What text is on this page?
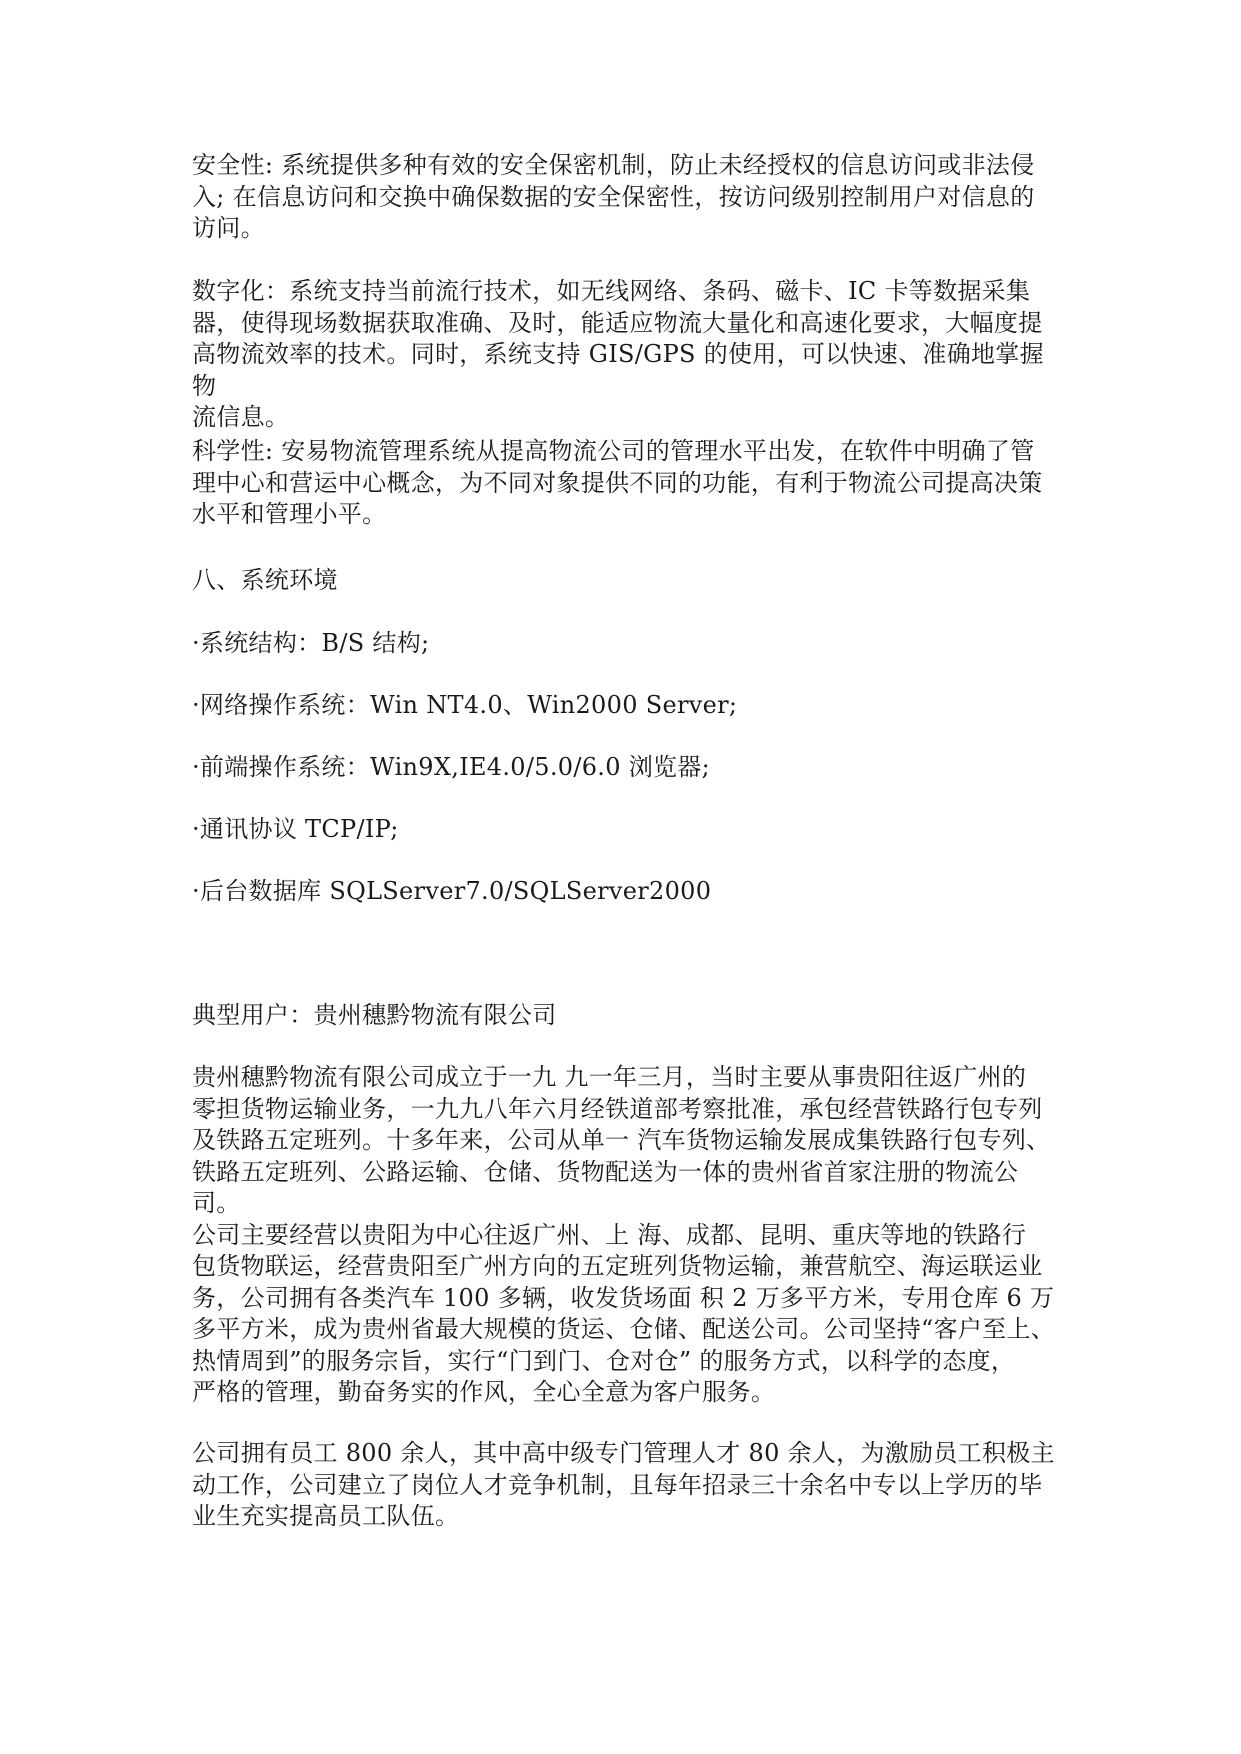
安全性: 系统提供多种有效的安全保密机制，防止未经授权的信息访问或非法侵
入; 在信息访问和交换中确保数据的安全保密性，按访问级别控制用户对信息的
访问。

数字化：系统支持当前流行技术，如无线网络、条码、磁卡、IC 卡等数据采集
器，使得现场数据获取准确、及时，能适应物流大量化和高速化要求，大幅度提
高物流效率的技术。同时，系统支持 GIS/GPS 的使用，可以快速、准确地掌握物
流信息。

科学性: 安易物流管理系统从提高物流公司的管理水平出发，在软件中明确了管
理中心和营运中心概念，为不同对象提供不同的功能，有利于物流公司提高决策
水平和管理小平。

八、系统环境

·系统结构：B/S 结构;

·网络操作系统：Win NT4.0、Win2000 Server;

·前端操作系统：Win9X,IE4.0/5.0/6.0 浏览器;

·通讯协议 TCP/IP;

·后台数据库 SQLServer7.0/SQLServer2000

典型用户：贵州穗黔物流有限公司

贵州穗黔物流有限公司成立于一九 九一年三月，当时主要从事贵阳往返广州的
零担货物运输业务，一九九八年六月经铁道部考察批准，承包经营铁路行包专列
及铁路五定班列。十多年来，公司从单一 汽车货物运输发展成集铁路行包专列、
铁路五定班列、公路运输、仓储、货物配送为一体的贵州省首家注册的物流公司。
公司主要经营以贵阳为中心往返广州、上 海、成都、昆明、重庆等地的铁路行
包货物联运，经营贵阳至广州方向的五定班列货物运输，兼营航空、海运联运业
务，公司拥有各类汽车 100 多辆，收发货场面 积 2 万多平方米，专用仓库 6 万
多平方米，成为贵州省最大规模的货运、仓储、配送公司。公司坚持“客户至上、
热情周到”的服务宗旨，实行“门到门、仓对仓” 的服务方式，以科学的态度，
严格的管理，勤奋务实的作风，全心全意为客户服务。

公司拥有员工 800 余人，其中高中级专门管理人才 80 余人，为激励员工积极主
动工作，公司建立了岗位人才竞争机制，且每年招录三十余名中专以上学历的毕
业生充实提高员工队伍。
